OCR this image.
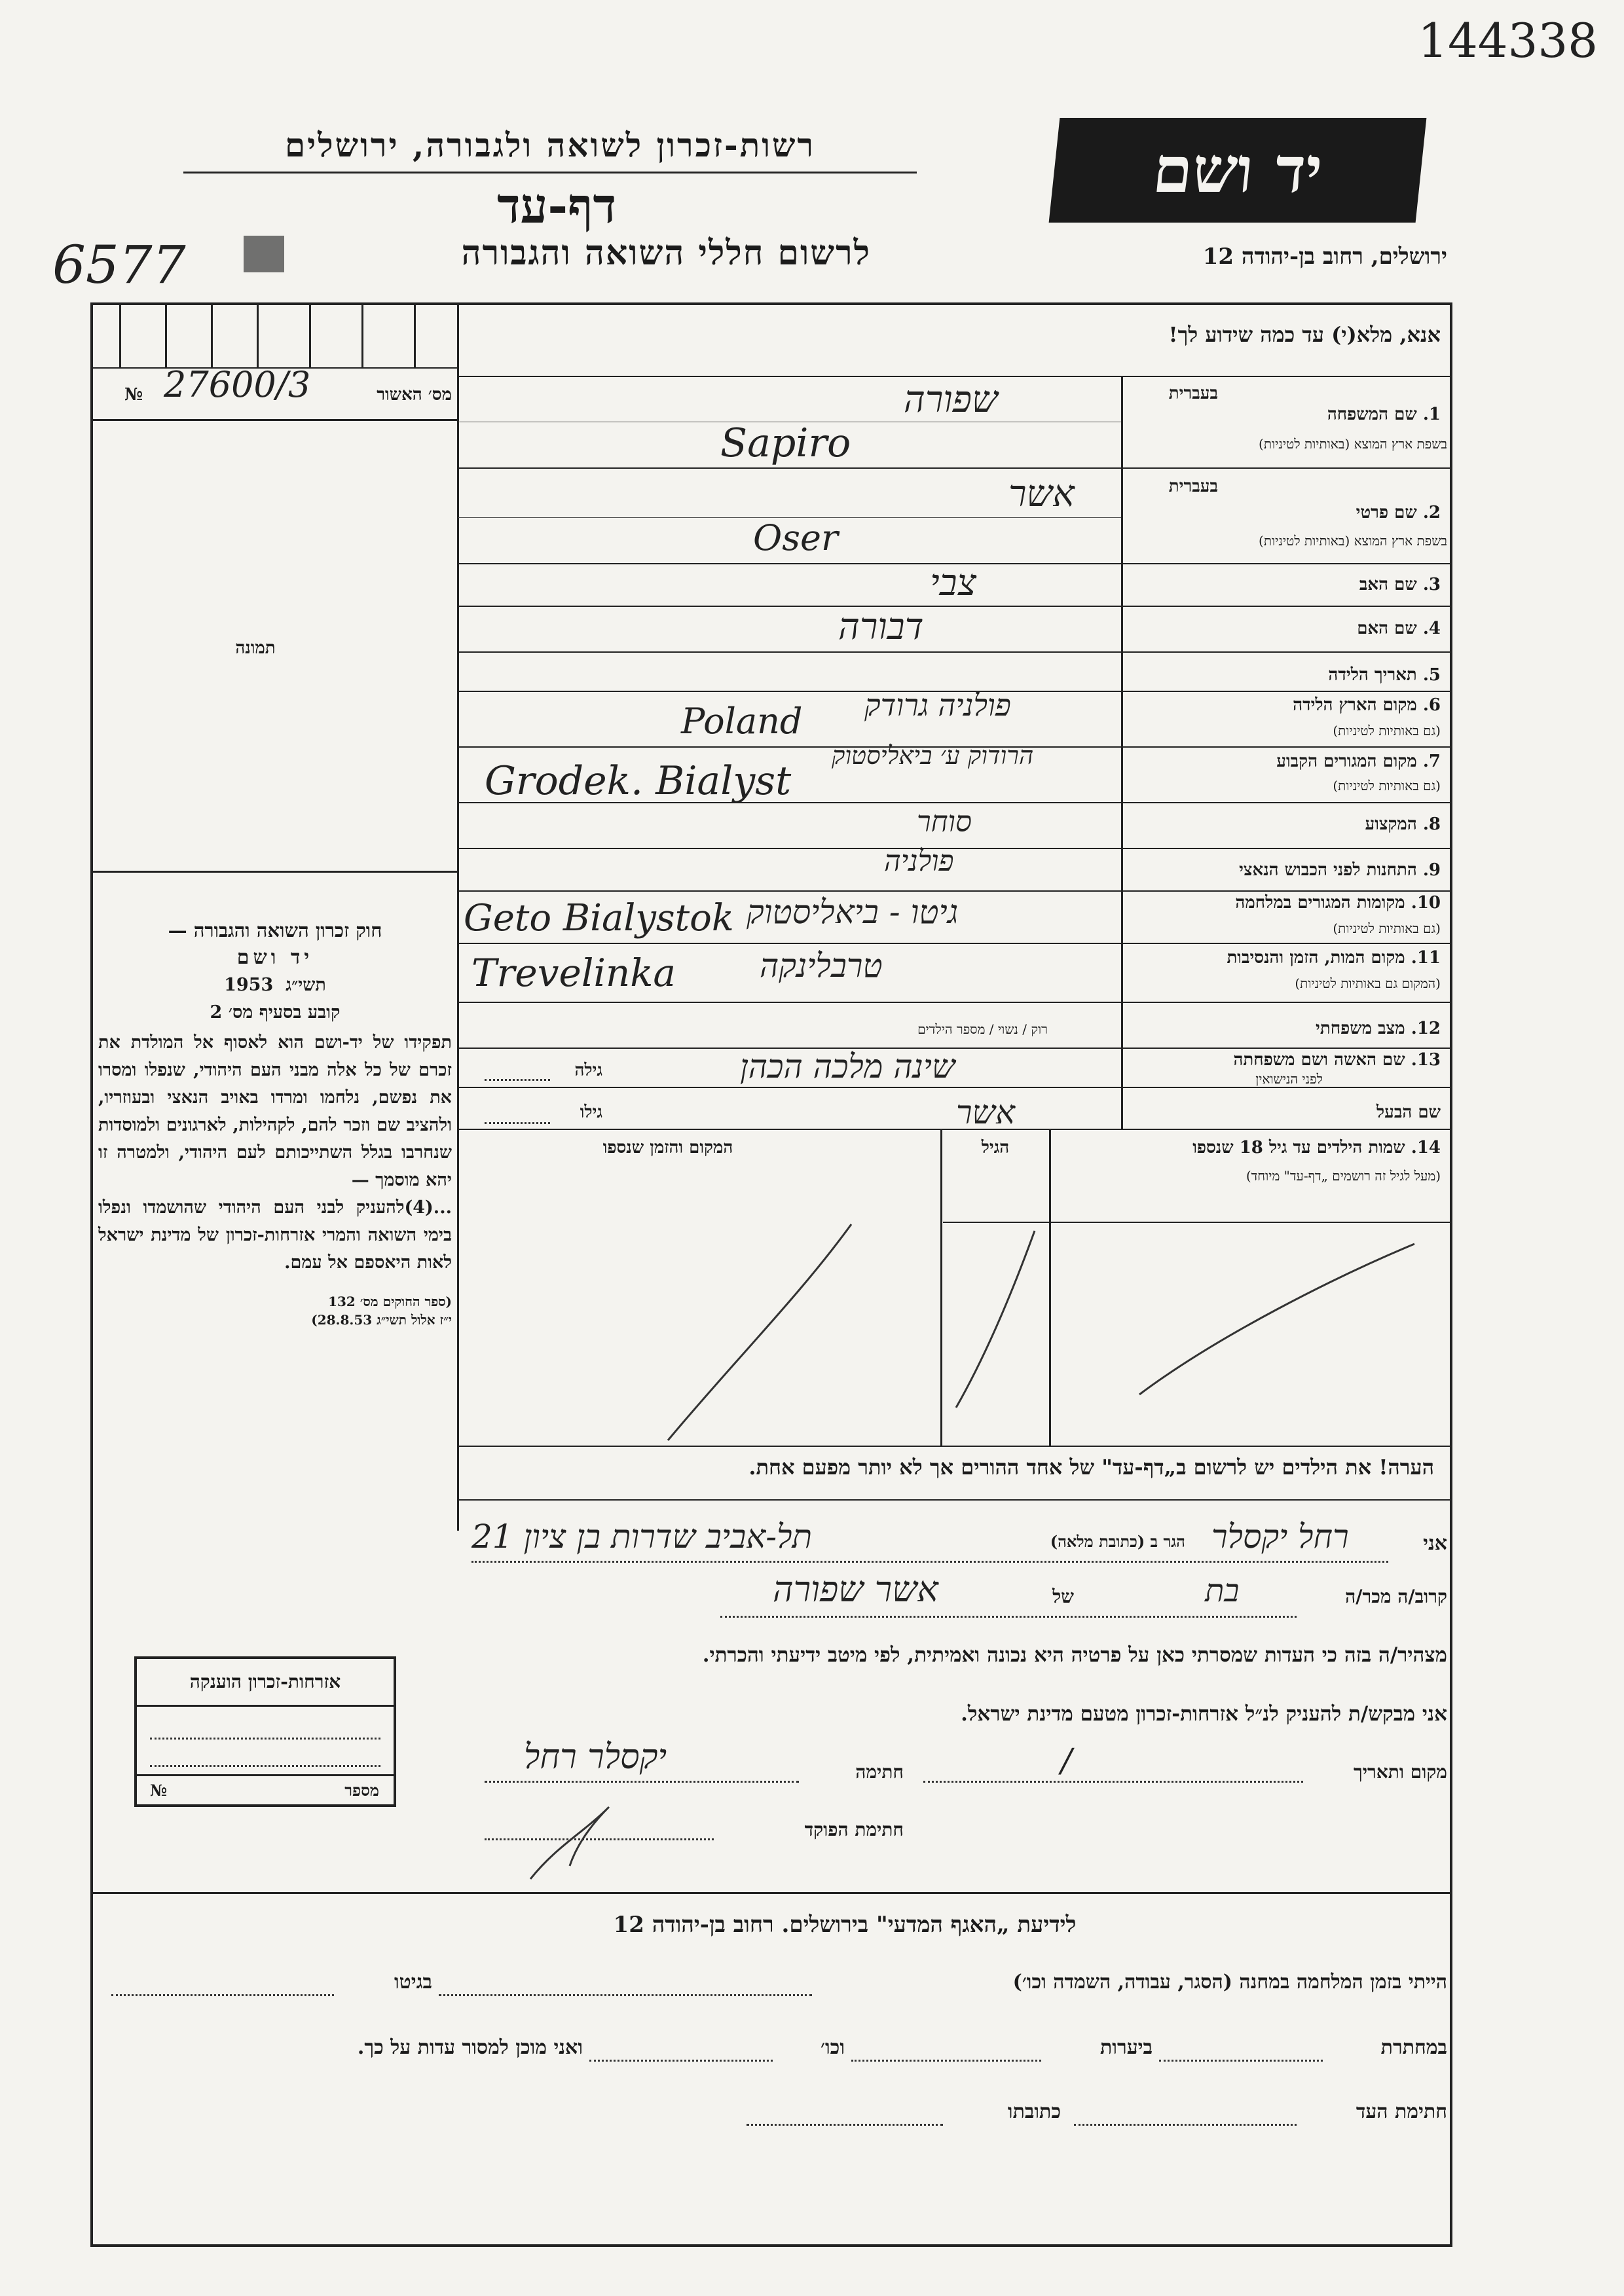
144338
רשות-זכרון לשואה ולגבורה, ירושלים
דף-עד
לרשום חללי השואה והגבורה
6577
יד ושם
ירושלים, רחוב בן-יהודה 12
מס׳ האשור
27600/3
№
תמונה
חוק זכרון השואה והגבורה —
יד ושם
תשי״ג  1953
קובע בסעיף מס׳ 2
תפקידו של יד-ושם הוא לאסוף אל המולדת את זכרם של כל אלה מבני העם היהודי, שנפלו ומסרו את נפשם, נלחמו ומרדו באויב הנאצי ובעוזריו, ולהציב שם וזכר להם, לקהילות, לארגונים ולמוסדות שנחרבו בגלל השתייכותם לעם היהודי, ולמטרה זו יהא מוסמך —
...(4)להעניק לבני העם היהודי שהושמדו ונפלו בימי השואה והמרי אזרחות-זכרון של מדינת ישראל לאות היאספם אל עמם.
(ספר החוקים מס׳ 132
י״ז אלול תשי״ג 28.8.53)
אנא, מלא(י) עד כמה שידוע לך!
בעברית
1. שם המשפחה
בשפת ארץ המוצא (באותיות לטיניות)
שפורה
Sapiro
בעברית
2. שם פרטי
בשפת ארץ המוצא (באותיות לטיניות)
אשר
Oser
3. שם האב
צבי
4. שם האם
דבורה
5. תאריך הלידה
6. מקום הארץ הלידה
(גם באותיות לטיניות)
פולניה גרודק
Poland
7. מקום המגורים הקבוע
(גם באותיות לטיניות)
הרודוק ע׳ ביאליסטוק
Grodek. Bialyst
8. המקצוע
סוחר
9. התחנות לפני הכבוש הנאצי
פולניה
10. מקומות המגורים במלחמה
(גם באותיות לטיניות)
גיטו - ביאליסטוק
Geto Bialystok
11. מקום המות, הזמן והנסיבות
(המקום גם באותיות לטיניות)
טרבלינקה
Trevelinka
12. מצב משפחתי
רוק / נשוי / מספר הילדים
13. שם האשה ושם משפחתה
לפני הנישואין
שינה מלכה הכהן
גילה
שם הבעל
אשר
גילו
14. שמות הילדים עד גיל 18 שנספו
(מעל לגיל זה רושמים „דף-עד" מיוחד)
הגיל
המקום והזמן שנספו
הערה! את הילדים יש לרשום ב„דף-עד" של אחד ההורים אך לא יותר מפעם אחת.
אני
רחל יקסלר
הגר ב (כתובת מלאה)
תל-אביב שדרות בן ציון 21
קרוב/ה מכר/ה
בת
של
אשר שפורה
מצהיר/ה בזה כי העדות שמסרתי כאן על פרטיה היא נכונה ואמיתית, לפי מיטב ידיעתי והכרתי.
אני מבקש/ת להעניק לנ״ל אזרחות-זכרון מטעם מדינת ישראל.
מקום ותאריך
/
חתימה
יקסלר רחל
חתימת הפוקד
אזרחות-זכרון הוענקה
מספר
№
לידיעת „האגף המדעי" בירושלים. רחוב בן-יהודה 12
הייתי בזמן המלחמה במחנה (הסגר, עבודה, השמדה וכו׳)
בגיטו
במחתרת
ביערות
וכו׳
ואני מוכן למסור עדות על כך.
חתימת העד
כתובתו
